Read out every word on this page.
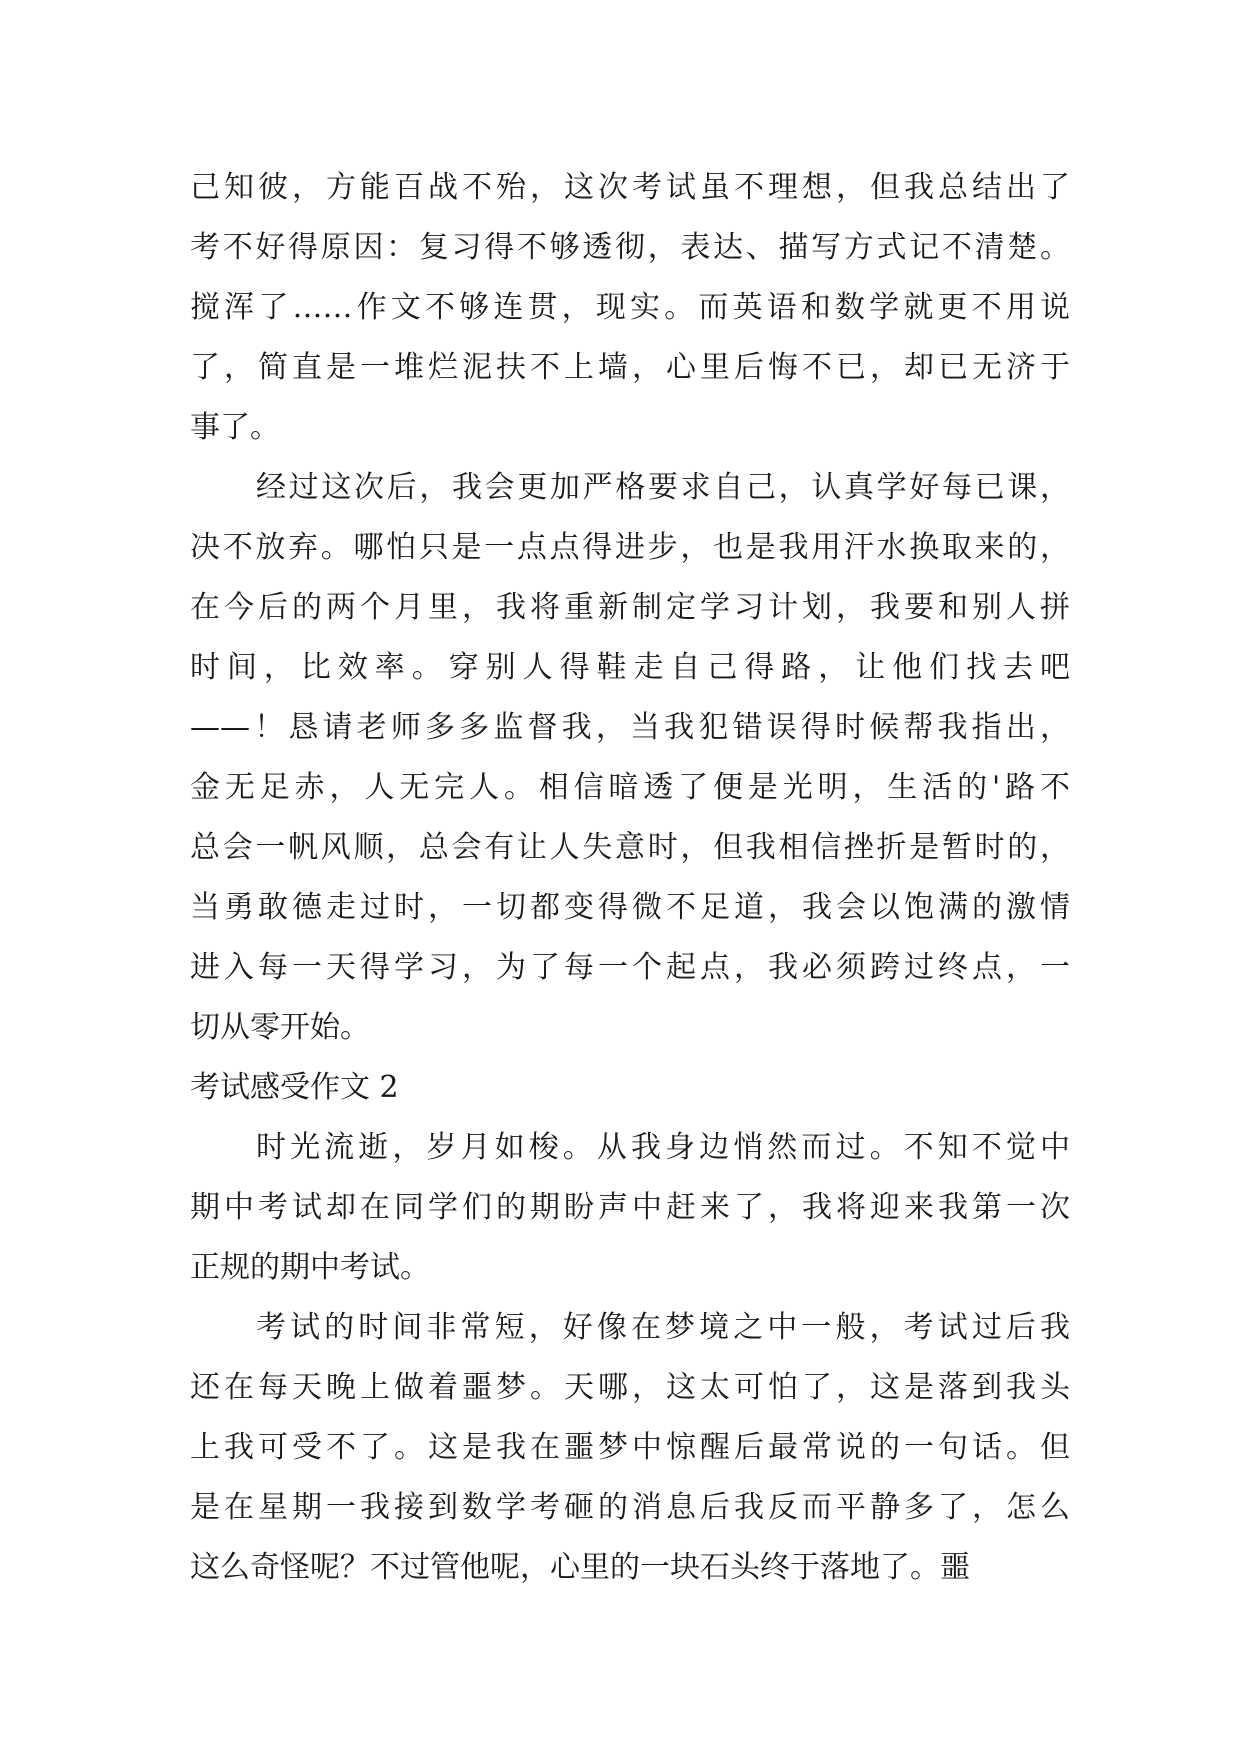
己知彼，方能百战不殆，这次考试虽不理想，但我总结出了
考不好得原因：复习得不够透彻，表达、描写方式记不清楚。
搅浑了……作文不够连贯，现实。而英语和数学就更不用说
了，简直是一堆烂泥扶不上墙，心里后悔不已，却已无济于
事了。
经过这次后，我会更加严格要求自己，认真学好每已课，
决不放弃。哪怕只是一点点得进步，也是我用汗水换取来的，
在今后的两个月里，我将重新制定学习计划，我要和别人拼
时间，比效率。穿别人得鞋走自己得路，让他们找去吧
——！恳请老师多多监督我，当我犯错误得时候帮我指出，
金无足赤，人无完人。相信暗透了便是光明，生活的'路不
总会一帆风顺，总会有让人失意时，但我相信挫折是暂时的，
当勇敢德走过时，一切都变得微不足道，我会以饱满的激情
进入每一天得学习，为了每一个起点，我必须跨过终点，一
切从零开始。
考试感受作文 2
时光流逝，岁月如梭。从我身边悄然而过。不知不觉中
期中考试却在同学们的期盼声中赶来了，我将迎来我第一次
正规的期中考试。
考试的时间非常短，好像在梦境之中一般，考试过后我
还在每天晚上做着噩梦。天哪，这太可怕了，这是落到我头
上我可受不了。这是我在噩梦中惊醒后最常说的一句话。但
是在星期一我接到数学考砸的消息后我反而平静多了，怎么
这么奇怪呢？不过管他呢，心里的一块石头终于落地了。噩
